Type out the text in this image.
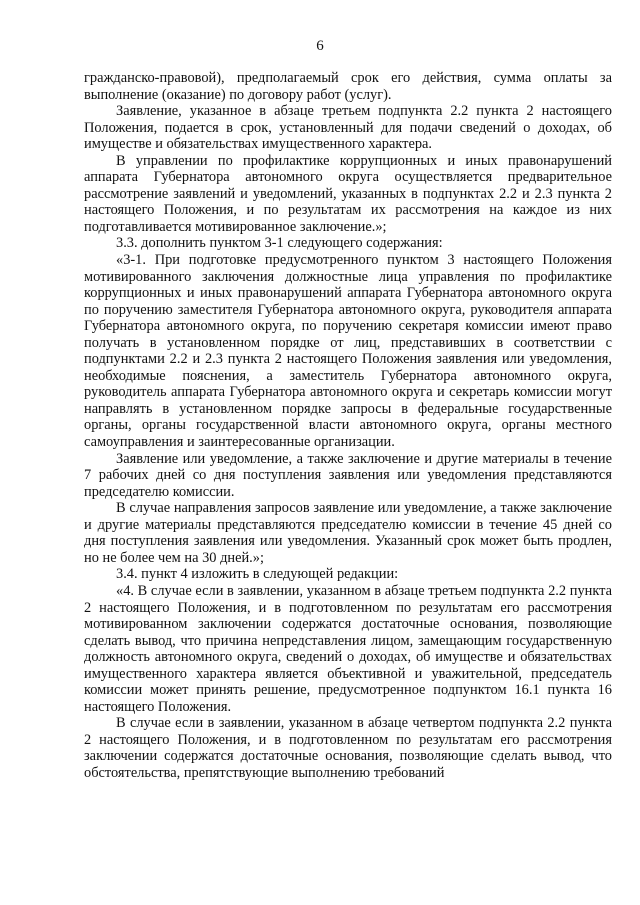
6

гражданско-правовой), предполагаемый срок его действия, сумма оплаты за выполнение (оказание) по договору работ (услуг).

Заявление, указанное в абзаце третьем подпункта 2.2 пункта 2 настоящего Положения, подается в срок, установленный для подачи сведений о доходах, об имуществе и обязательствах имущественного характера.

В управлении по профилактике коррупционных и иных правонарушений аппарата Губернатора автономного округа осуществляется предварительное рассмотрение заявлений и уведомлений, указанных в подпунктах 2.2 и 2.3 пункта 2 настоящего Положения, и по результатам их рассмотрения на каждое из них подготавливается мотивированное заключение.»;

3.3. дополнить пунктом 3-1 следующего содержания:

«3-1. При подготовке предусмотренного пунктом 3 настоящего Положения мотивированного заключения должностные лица управления по профилактике коррупционных и иных правонарушений аппарата Губернатора автономного округа по поручению заместителя Губернатора автономного округа, руководителя аппарата Губернатора автономного округа, по поручению секретаря комиссии имеют право получать в установленном порядке от лиц, представивших в соответствии с подпунктами 2.2 и 2.3 пункта 2 настоящего Положения заявления или уведомления, необходимые пояснения, а заместитель Губернатора автономного округа, руководитель аппарата Губернатора автономного округа и секретарь комиссии могут направлять в установленном порядке запросы в федеральные государственные органы, органы государственной власти автономного округа, органы местного самоуправления и заинтересованные организации.

Заявление или уведомление, а также заключение и другие материалы в течение 7 рабочих дней со дня поступления заявления или уведомления представляются председателю комиссии.

В случае направления запросов заявление или уведомление, а также заключение и другие материалы представляются председателю комиссии в течение 45 дней со дня поступления заявления или уведомления. Указанный срок может быть продлен, но не более чем на 30 дней.»;

3.4. пункт 4 изложить в следующей редакции:

«4. В случае если в заявлении, указанном в абзаце третьем подпункта 2.2 пункта 2 настоящего Положения, и в подготовленном по результатам его рассмотрения мотивированном заключении содержатся достаточные основания, позволяющие сделать вывод, что причина непредставления лицом, замещающим государственную должность автономного округа, сведений о доходах, об имуществе и обязательствах имущественного характера является объективной и уважительной, председатель комиссии может принять решение, предусмотренное подпунктом 16.1 пункта 16 настоящего Положения.

В случае если в заявлении, указанном в абзаце четвертом подпункта 2.2 пункта 2 настоящего Положения, и в подготовленном по результатам его рассмотрения заключении содержатся достаточные основания, позволяющие сделать вывод, что обстоятельства, препятствующие выполнению требований
